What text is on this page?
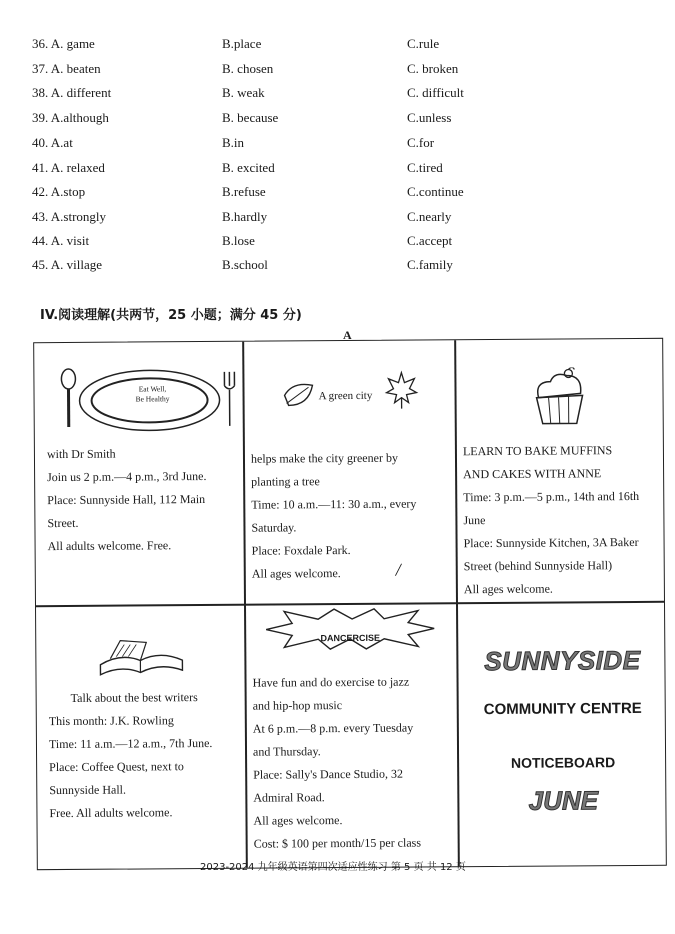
36. A. game	B.place	C.rule
37. A. beaten	B. chosen	C. broken
38. A. different	B. weak	C. difficult
39. A.although	B. because	C.unless
40. A.at	B.in	C.for
41. A. relaxed	B. excited	C.tired
42. A.stop	B.refuse	C.continue
43. A.strongly	B.hardly	C.nearly
44. A. visit	B.lose	C.accept
45. A. village	B.school	C.family
IV.阅读理解(共两节，25 小题；满分 45 分)
A
Eat Well,
Be Healthy

with Dr Smith

Join us 2 p.m.—4 p.m., 3rd June.

Place: Sunnyside Hall, 112 Main

Street.

All adults welcome. Free.

A green city

helps make the city greener by

planting a tree

Time: 10 a.m.—11: 30 a.m., every

Saturday.

Place: Foxdale Park.

All ages welcome.	/

LEARN TO BAKE MUFFINS

AND CAKES WITH ANNE

Time: 3 p.m.—5 p.m., 14th and 16th

June

Place: Sunnyside Kitchen, 3A Baker

Street (behind Sunnyside Hall)

All ages welcome.

Talk about the best writers

This month: J.K. Rowling

Time: 11 a.m.—12 a.m., 7th June.

Place: Coffee Quest, next to

Sunnyside Hall.

Free. All adults welcome.

DANCERCISE

Have fun and do exercise to jazz

and hip-hop music

At 6 p.m.—8 p.m. every Tuesday

and Thursday.

Place: Sally's Dance Studio, 32

Admiral Road.

All ages welcome.

Cost: $ 100 per month/15 per class

SUNNYSIDE
COMMUNITY CENTRE
NOTICEBOARD
JUNE
2023-2024 九年级英语第四次适应性练习 第 5 页 共 12 页
